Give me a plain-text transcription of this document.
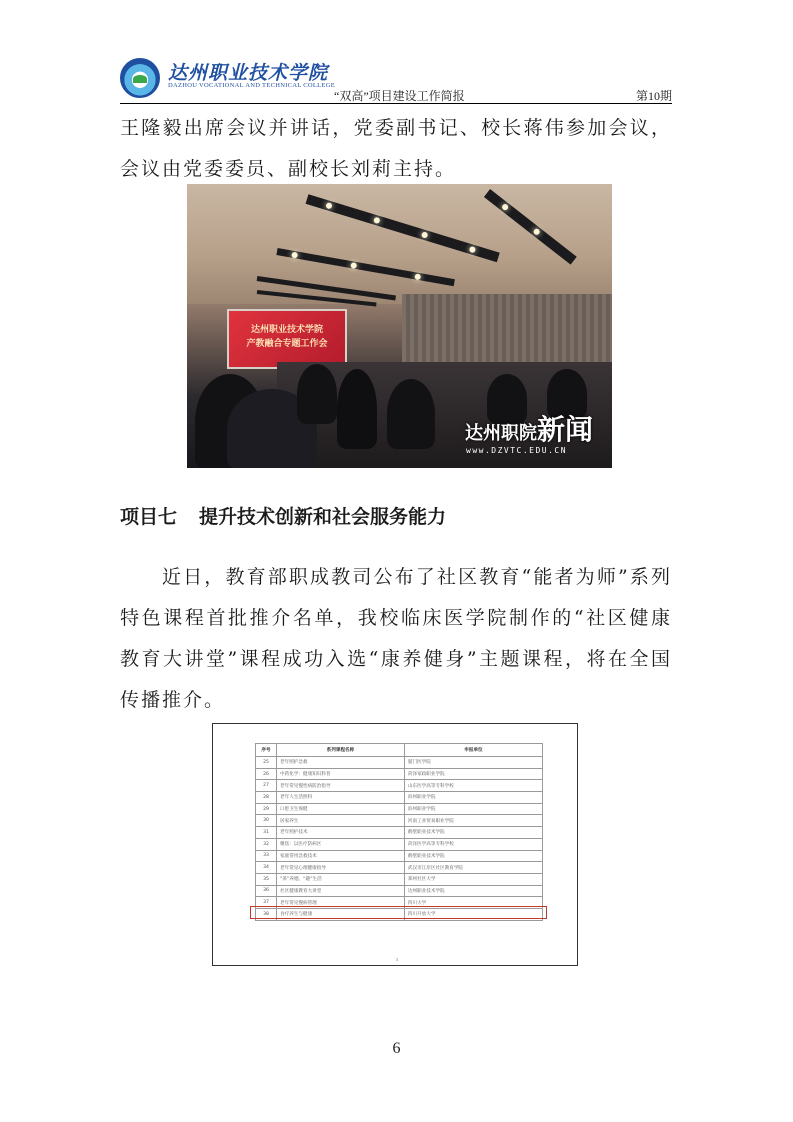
达州职业技术学院
DAZHOU VOCATIONAL AND TECHNICAL COLLEGE
“双高”项目建设工作简报	第10期
王隆毅出席会议并讲话，党委副书记、校长蒋伟参加会议，会议由党委委员、副校长刘莉主持。
达州职业技术学院
产教融合专题工作会
达州职院新闻
www.DZVTC.EDU.CN
项目七 提升技术创新和社会服务能力
近日，教育部职成教司公布了社区教育“能者为师”系列特色课程首批推介名单，我校临床医学院制作的“社区健康教育大讲堂”课程成功入选“康养健身”主题课程，将在全国传播推介。
序号	系列课程名称	申报单位
25	老年照护急救	厦门医学院
26	中药化学：健康知识科普	菏泽家政职业学院
27	老年常见慢性病防治指导	山东医学高等专科学校
28	老年人生活照料	滨州职业学院
29	口腔卫生保健	滨州职业学院
30	居家养生	河南工业贸易职业学院
31	老年照护技术	鹤壁职业技术学院
32	聚焦：以医疗防病区	菏泽医学高等专科学校
33	家庭常用急救技术	鹤壁职业技术学院
34	老年常见心理健康指导	武汉市江岸区社区教育学院
35	“茶”养德，“趣”生活	郑州社区大学
36	社区健康教育大讲堂	达州职业技术学院
37	老年常见慢病管理	四川大学
38	食疗养生与健康	四川开放大学
3
6
